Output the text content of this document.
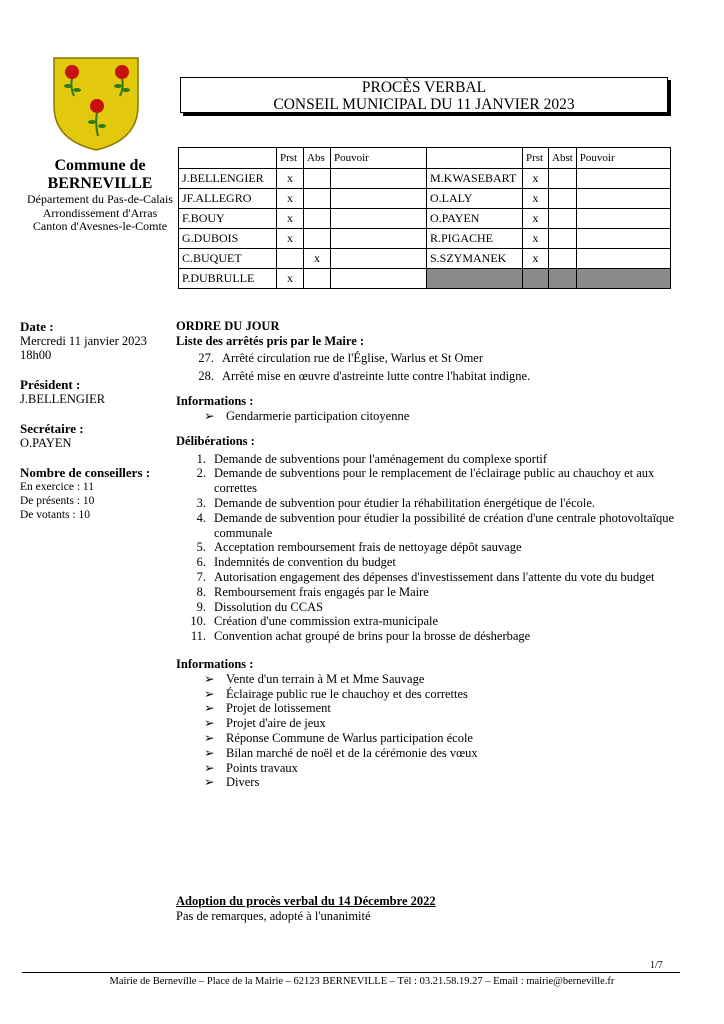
Commune de
BERNEVILLE
Département du Pas-de-Calais
Arrondissement d'Arras
Canton d'Avesnes-le-Comte
PROCÈS VERBAL
CONSEIL MUNICIPAL DU 11 JANVIER 2023
	Prst	Abs	Pouvoir		Prst	Abst	Pouvoir
J.BELLENGIER	x			M.KWASEBART	x		
JF.ALLEGRO	x			O.LALY	x		
F.BOUY	x			O.PAYEN	x		
G.DUBOIS	x			R.PIGACHE	x		
C.BUQUET		x		S.SZYMANEK	x		
P.DUBRULLE	x						
Date :
Mercredi 11 janvier 2023
18h00
Président :
J.BELLENGIER
Secrétaire :
O.PAYEN
Nombre de conseillers :
En exercice : 11
De présents : 10
De votants : 10
ORDRE DU JOUR
Liste des arrêtés pris par le Maire :
27. Arrêté circulation rue de l'Église, Warlus et St Omer
28. Arrêté mise en œuvre d'astreinte lutte contre l'habitat indigne.
Informations :
➢ Gendarmerie participation citoyenne
Délibérations :
1. Demande de subventions pour l'aménagement du complexe sportif
2. Demande de subventions pour le remplacement de l'éclairage public au chauchoy et aux correttes
3. Demande de subvention pour étudier la réhabilitation énergétique de l'école.
4. Demande de subvention pour étudier la possibilité de création d'une centrale photovoltaïque communale
5. Acceptation remboursement frais de nettoyage dépôt sauvage
6. Indemnités de convention du budget
7. Autorisation engagement des dépenses d'investissement dans l'attente du vote du budget
8. Remboursement frais engagés par le Maire
9. Dissolution du CCAS
10. Création d'une commission extra-municipale
11. Convention achat groupé de brins pour la brosse de désherbage
Informations :
➢ Vente d'un terrain à M et Mme Sauvage
➢ Éclairage public rue le chauchoy et des correttes
➢ Projet de lotissement
➢ Projet d'aire de jeux
➢ Réponse Commune de Warlus participation école
➢ Bilan marché de noël et de la cérémonie des vœux
➢ Points travaux
➢ Divers
Adoption du procès verbal du 14 Décembre 2022
Pas de remarques, adopté à l'unanimité
1/7
Mairie de Berneville – Place de la Mairie – 62123 BERNEVILLE – Tél : 03.21.58.19.27 – Email : mairie@berneville.fr
